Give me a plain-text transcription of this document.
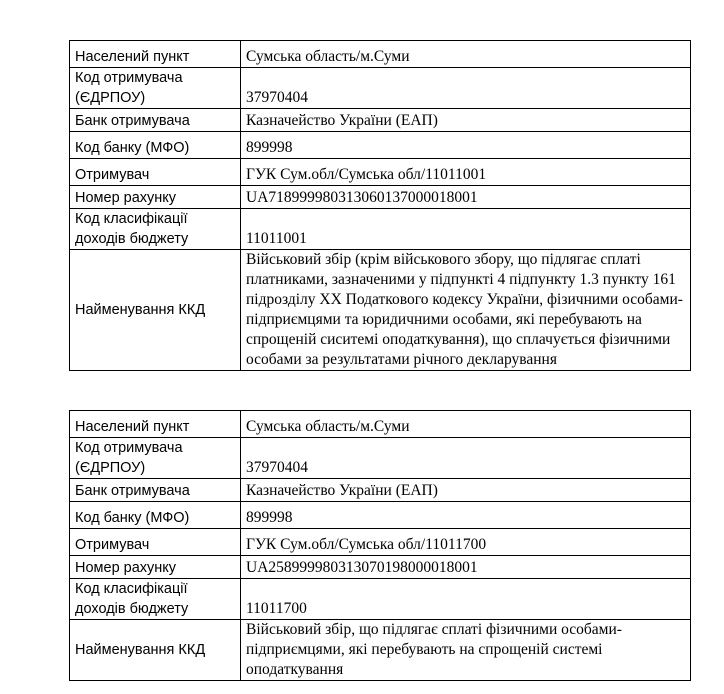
Населений пункт	Сумська область/м.Суми
Код отримувача (ЄДРПОУ)	37970404
Банк отримувача	Казначейство України (ЕАП)
Код банку (МФО)	899998
Отримувач	ГУК Сум.обл/Сумська обл/11011001
Номер рахунку	UA718999980313060137000018001
Код класифікації доходів бюджету	11011001
Найменування ККД	Військовий збір (крім військового збору, що підлягає сплаті платниками, зазначеними у підпункті 4 підпункту 1.3 пункту 161 підрозділу XX Податкового кодексу України, фізичними особами-підприємцями та юридичними особами, які перебувають на спрощеній сиситемі оподаткування), що сплачується фізичними особами за результатами річного декларування
Населений пункт	Сумська область/м.Суми
Код отримувача (ЄДРПОУ)	37970404
Банк отримувача	Казначейство України (ЕАП)
Код банку (МФО)	899998
Отримувач	ГУК Сум.обл/Сумська обл/11011700
Номер рахунку	UA258999980313070198000018001
Код класифікації доходів бюджету	11011700
Найменування ККД	Військовий збір, що підлягає сплаті фізичними особами-підприємцями, які перебувають на спрощеній системі оподаткування
